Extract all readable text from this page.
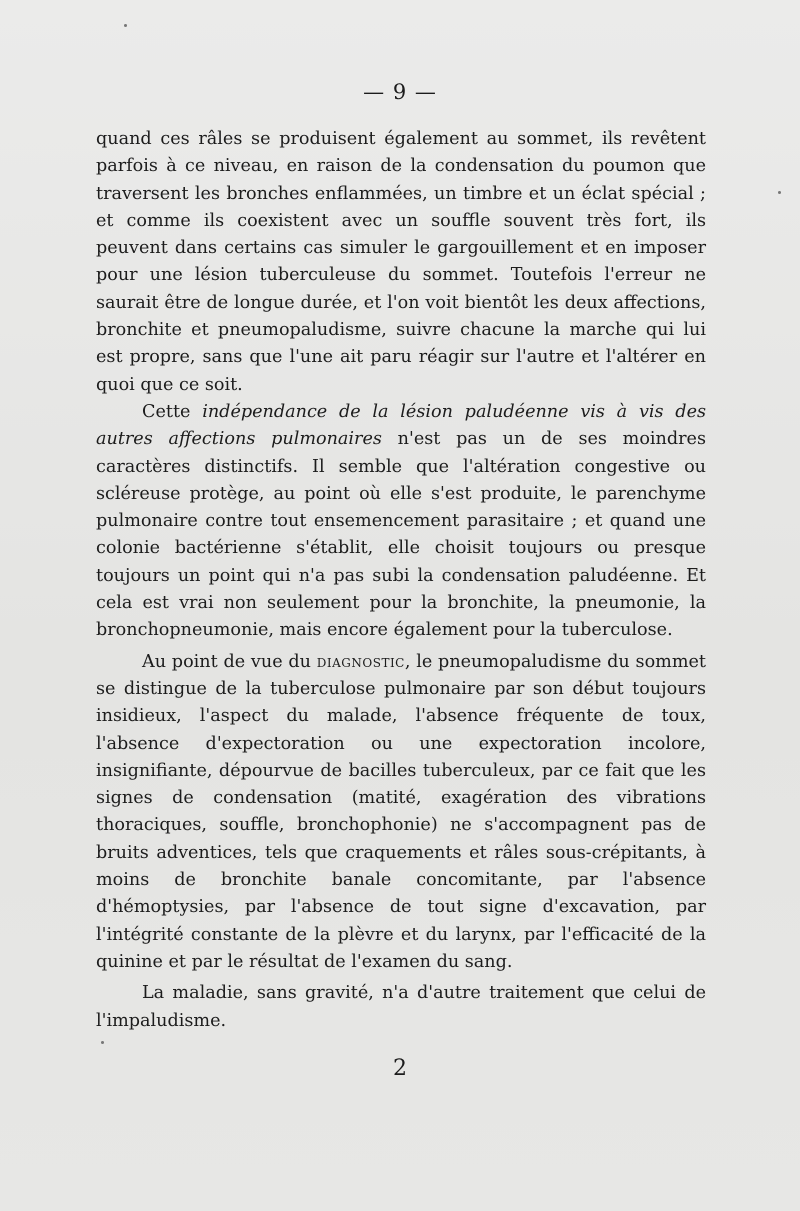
— 9 —

quand ces râles se produisent également au sommet, ils revêtent parfois à ce niveau, en raison de la condensation du poumon que traversent les bronches enflammées, un timbre et un éclat spécial ; et comme ils coexistent avec un souffle souvent très fort, ils peuvent dans certains cas simuler le gargouillement et en imposer pour une lésion tuberculeuse du sommet. Toutefois l'erreur ne saurait être de longue durée, et l'on voit bientôt les deux affections, bronchite et pneumopaludisme, suivre chacune la marche qui lui est propre, sans que l'une ait paru réagir sur l'autre et l'altérer en quoi que ce soit.

Cette indépendance de la lésion paludéenne vis à vis des autres affections pulmonaires n'est pas un de ses moindres caractères distinctifs. Il semble que l'altération congestive ou scléreuse protège, au point où elle s'est produite, le parenchyme pulmonaire contre tout ensemencement parasitaire ; et quand une colonie bactérienne s'établit, elle choisit toujours ou presque toujours un point qui n'a pas subi la condensation paludéenne. Et cela est vrai non seulement pour la bronchite, la pneumonie, la bronchopneumonie, mais encore également pour la tuberculose.

Au point de vue du diagnostic, le pneumopaludisme du sommet se distingue de la tuberculose pulmonaire par son début toujours insidieux, l'aspect du malade, l'absence fréquente de toux, l'absence d'expectoration ou une expectoration incolore, insignifiante, dépourvue de bacilles tuberculeux, par ce fait que les signes de condensation (matité, exagération des vibrations thoraciques, souffle, bronchophonie) ne s'accompagnent pas de bruits adventices, tels que craquements et râles sous-crépitants, à moins de bronchite banale concomitante, par l'absence d'hémoptysies, par l'absence de tout signe d'excavation, par l'intégrité constante de la plèvre et du larynx, par l'efficacité de la quinine et par le résultat de l'examen du sang.

La maladie, sans gravité, n'a d'autre traitement que celui de l'impaludisme.

2
